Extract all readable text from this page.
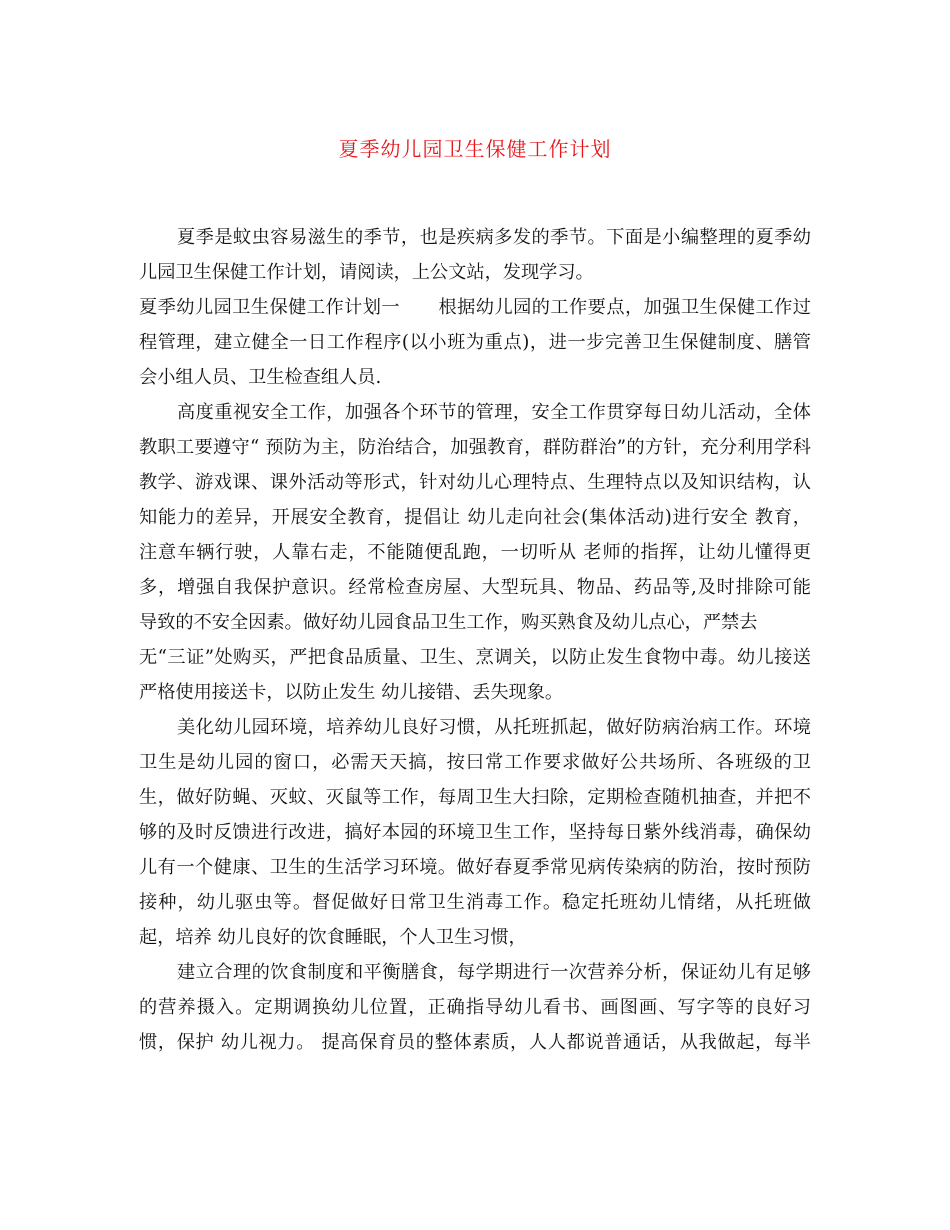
夏季幼儿园卫生保健工作计划
夏季是蚊虫容易滋生的季节，也是疾病多发的季节。下面是小编整理的夏季幼
儿园卫生保健工作计划，请阅读，上公文站，发现学习。
夏季幼儿园卫生保健工作计划一 根据幼儿园的工作要点，加强卫生保健工作过
程管理，建立健全一日工作程序(以小班为重点)，进一步完善卫生保健制度、膳管
会小组人员、卫生检查组人员.
高度重视安全工作，加强各个环节的管理，安全工作贯穿每日幼儿活动，全体
教职工要遵守“ 预防为主，防治结合，加强教育，群防群治”的方针，充分利用学科
教学、游戏课、课外活动等形式，针对幼儿心理特点、生理特点以及知识结构，认
知能力的差异，开展安全教育，提倡让 幼儿走向社会(集体活动)进行安全 教育，
注意车辆行驶，人靠右走，不能随便乱跑，一切听从 老师的指挥，让幼儿懂得更
多，增强自我保护意识。经常检查房屋、大型玩具、物品、药品等,及时排除可能
导致的不安全因素。做好幼儿园食品卫生工作，购买熟食及幼儿点心，严禁去
无“三证”处购买，严把食品质量、卫生、烹调关，以防止发生食物中毒。幼儿接送
严格使用接送卡，以防止发生 幼儿接错、丢失现象。
美化幼儿园环境，培养幼儿良好习惯，从托班抓起，做好防病治病工作。环境
卫生是幼儿园的窗口，必需天天搞，按曰常工作要求做好公共场所、各班级的卫
生，做好防蝇、灭蚊、灭鼠等工作，每周卫生大扫除，定期检查随机抽查，并把不
够的及时反馈进行改进，搞好本园的环境卫生工作，坚持每日紫外线消毒，确保幼
儿有一个健康、卫生的生活学习环境。做好春夏季常见病传染病的防治，按时预防
接种，幼儿驱虫等。督促做好日常卫生消毒工作。稳定托班幼儿情绪，从托班做
起，培养 幼儿良好的饮食睡眠，个人卫生习惯，
建立合理的饮食制度和平衡膳食，每学期进行一次营养分析，保证幼儿有足够
的营养摄入。定期调换幼儿位置，正确指导幼儿看书、画图画、写字等的良好习
惯，保护 幼儿视力。 提高保育员的整体素质，人人都说普通话，从我做起，每半
